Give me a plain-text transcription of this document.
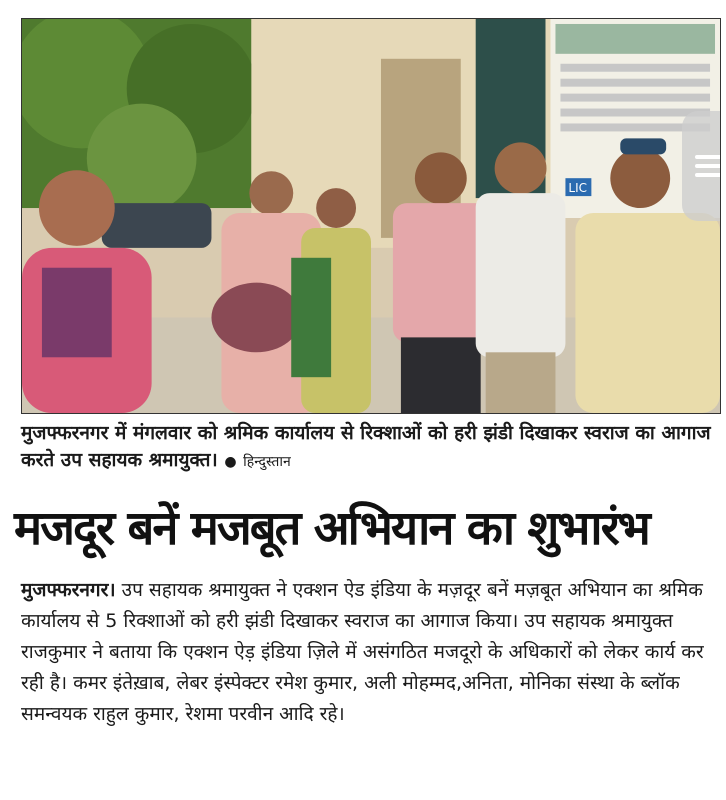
LIC
मुजफ्फरनगर में मंगलवार को श्रमिक कार्यालय से रिक्शाओं को हरी झंडी दिखाकर स्वराज का आगाज करते उप सहायक श्रमायुक्त। ● हिन्दुस्तान
मजदूर बनें मजबूत अभियान का शुभारंभ
मुजफ्फरनगर। उप सहायक श्रमायुक्त ने एक्शन ऐड इंडिया के मज़दूर बनें मज़बूत अभियान का श्रमिक कार्यालय से 5 रिक्शाओं को हरी झंडी दिखाकर स्वराज का आगाज किया। उप सहायक श्रमायुक्त राजकुमार ने बताया कि एक्शन ऐड़ इंडिया ज़िले में असंगठित मजदूरो के अधिकारों को लेकर कार्य कर रही है। कमर इंतेख़ाब, लेबर इंस्पेक्टर रमेश कुमार, अली मोहम्मद,अनिता, मोनिका संस्था के ब्लॉक समन्वयक राहुल कुमार, रेशमा परवीन आदि रहे।
